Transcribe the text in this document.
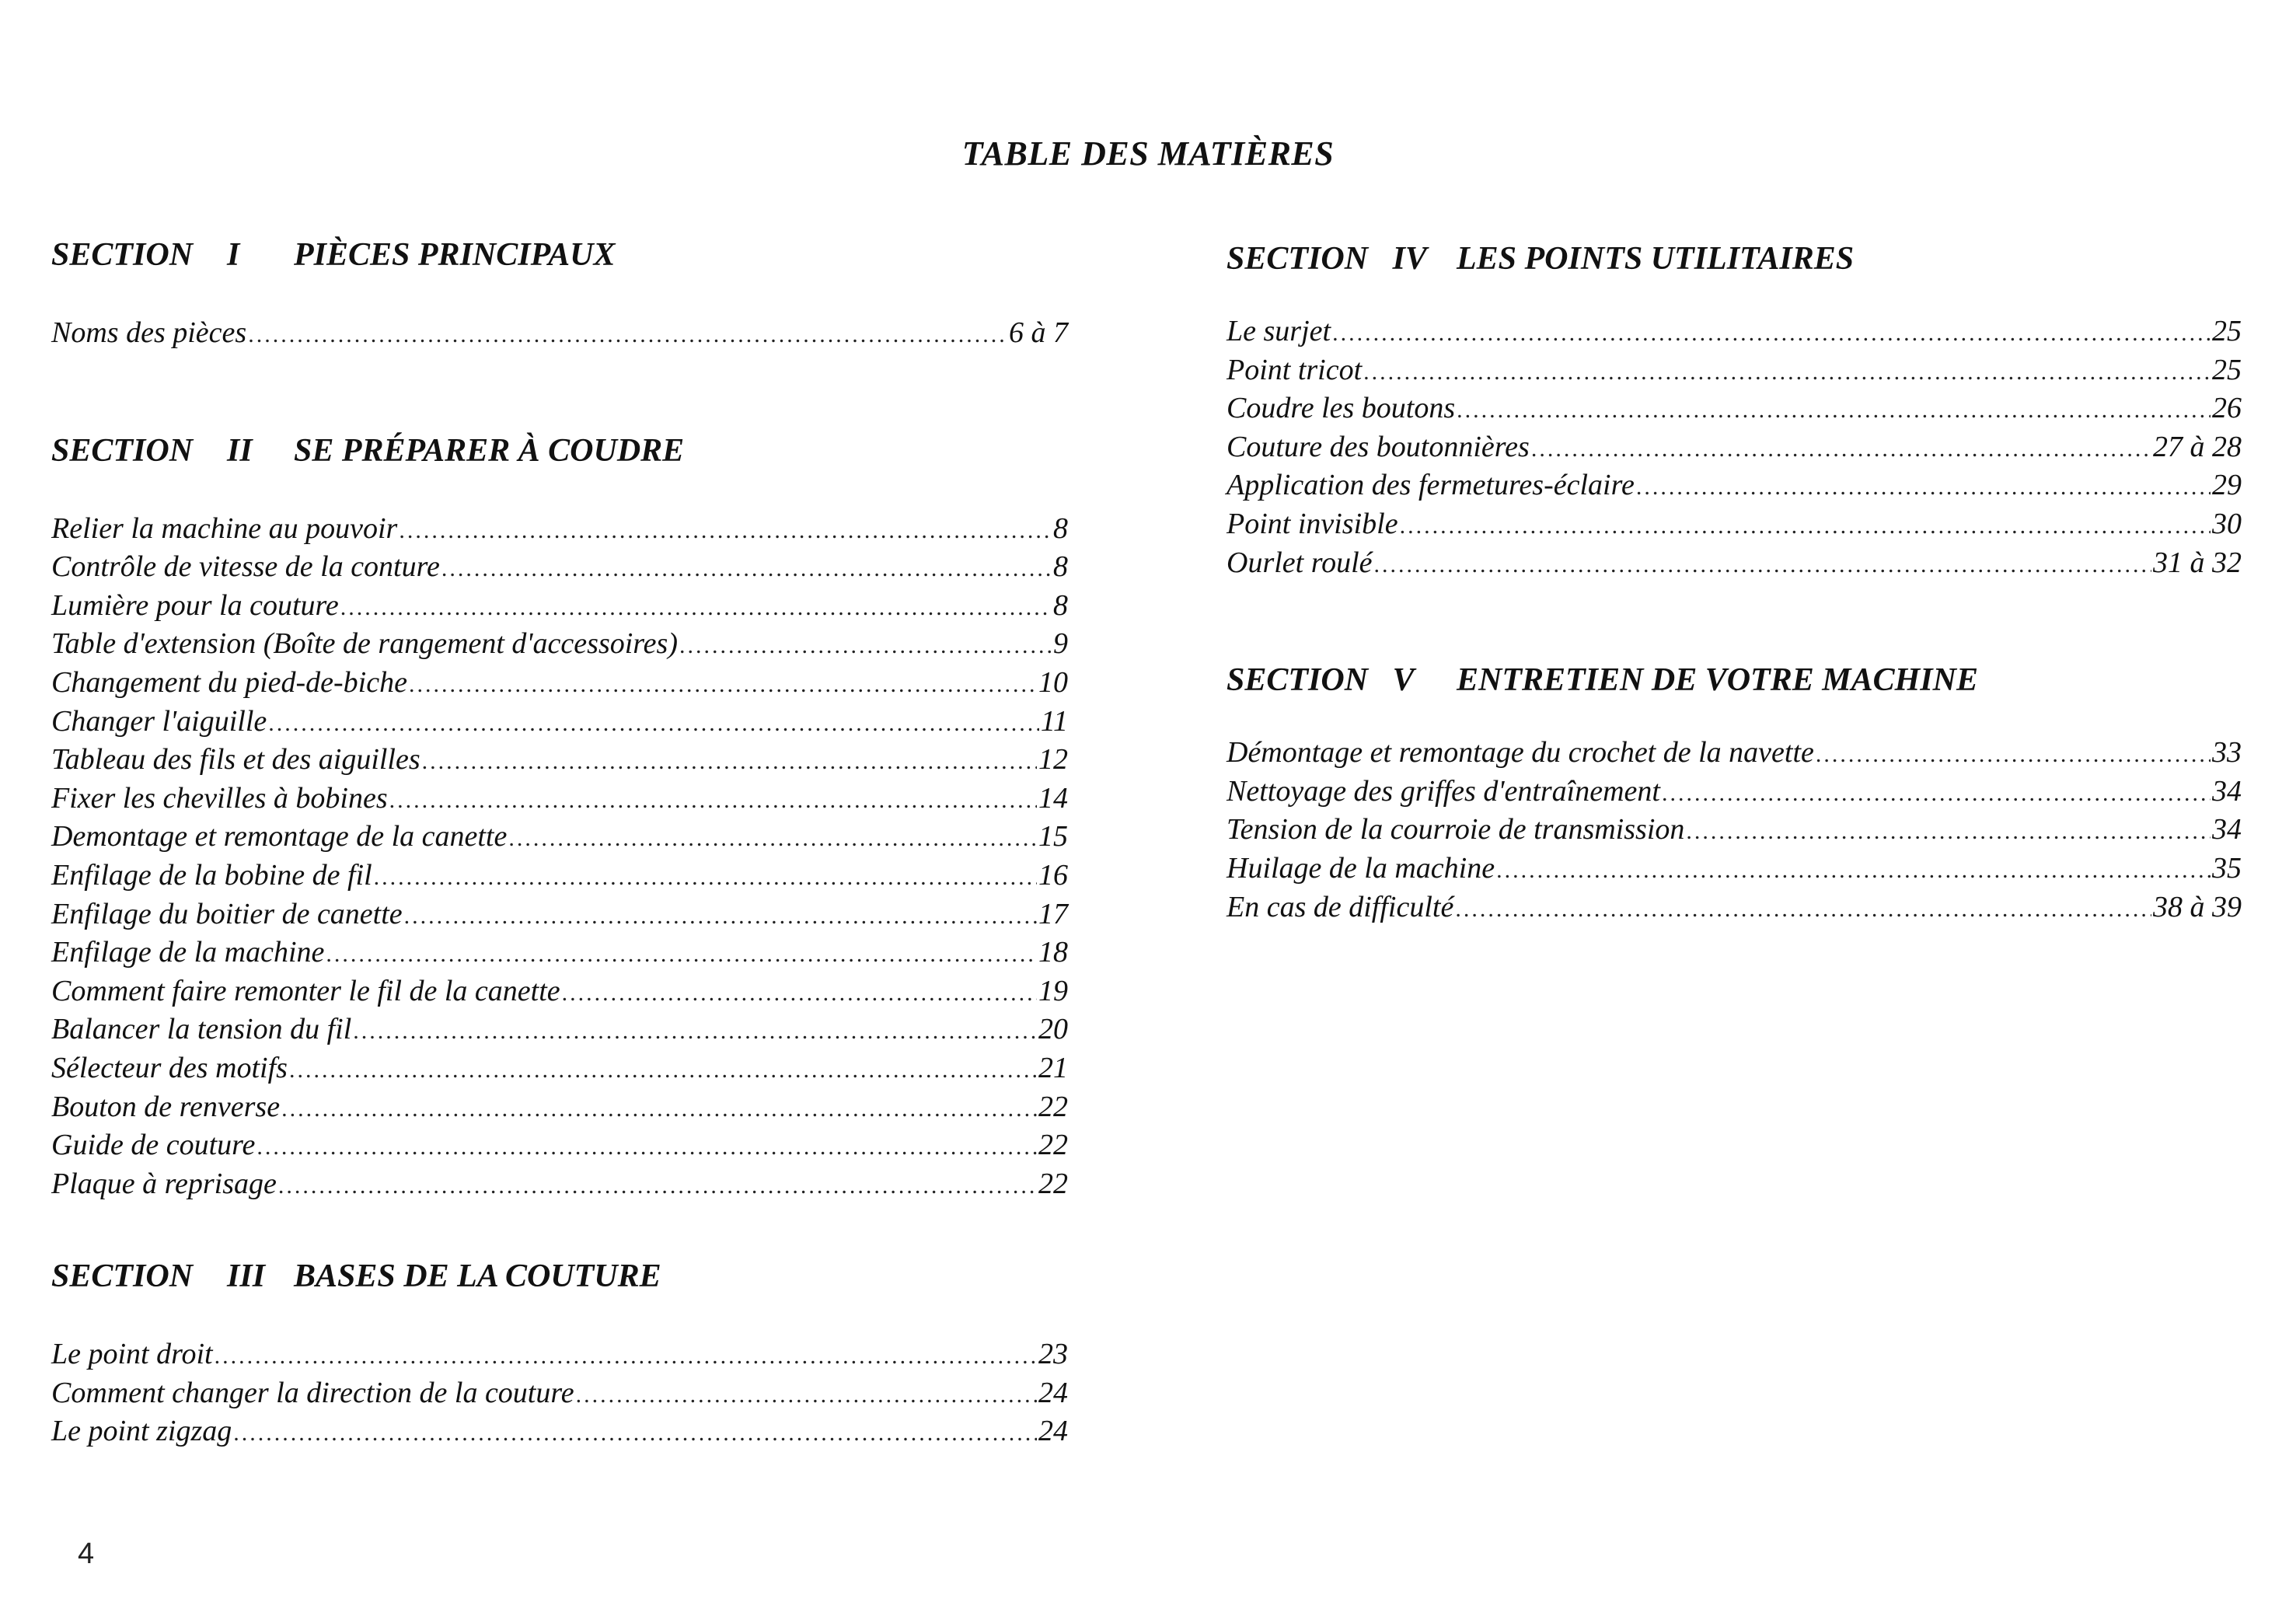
TABLE DES MATIÈRES
SECTION	I	PIÈCES PRINCIPAUX
Noms des pièces .....	6 à 7
SECTION	II	SE PRÉPARER À COUDRE
Relier la machine au pouvoir .....	8
Contrôle de vitesse de la conture .....	8
Lumière pour la couture .....	8
Table d'extension (Boîte de rangement d'accessoires) .....	9
Changement du pied-de-biche .....	10
Changer l'aiguille .....	11
Tableau des fils et des aiguilles .....	12
Fixer les chevilles à bobines .....	14
Demontage et remontage de la canette .....	15
Enfilage de la bobine de fil .....	16
Enfilage du boitier de canette .....	17
Enfilage de la machine .....	18
Comment faire remonter le fil de la canette .....	19
Balancer la tension du fil .....	20
Sélecteur des motifs .....	21
Bouton de renverse .....	22
Guide de couture .....	22
Plaque à reprisage .....	22
SECTION	III BASES DE LA COUTURE
Le point droit .....	23
Comment changer la direction de la couture .....	24
Le point zigzag .....	24
SECTION IV LES POINTS UTILITAIRES
Le surjet .....	25
Point tricot .....	25
Coudre les boutons .....	26
Couture des boutonnières .....	27 à 28
Application des fermetures-éclaire .....	29
Point invisible .....	30
Ourlet roulé .....	31 à 32
SECTION V	ENTRETIEN DE VOTRE MACHINE
Démontage et remontage du crochet de la navette .....	33
Nettoyage des griffes d'entraînement .....	34
Tension de la courroie de transmission .....	34
Huilage de la machine .....	35
En cas de difficulté .....	38 à 39
4
